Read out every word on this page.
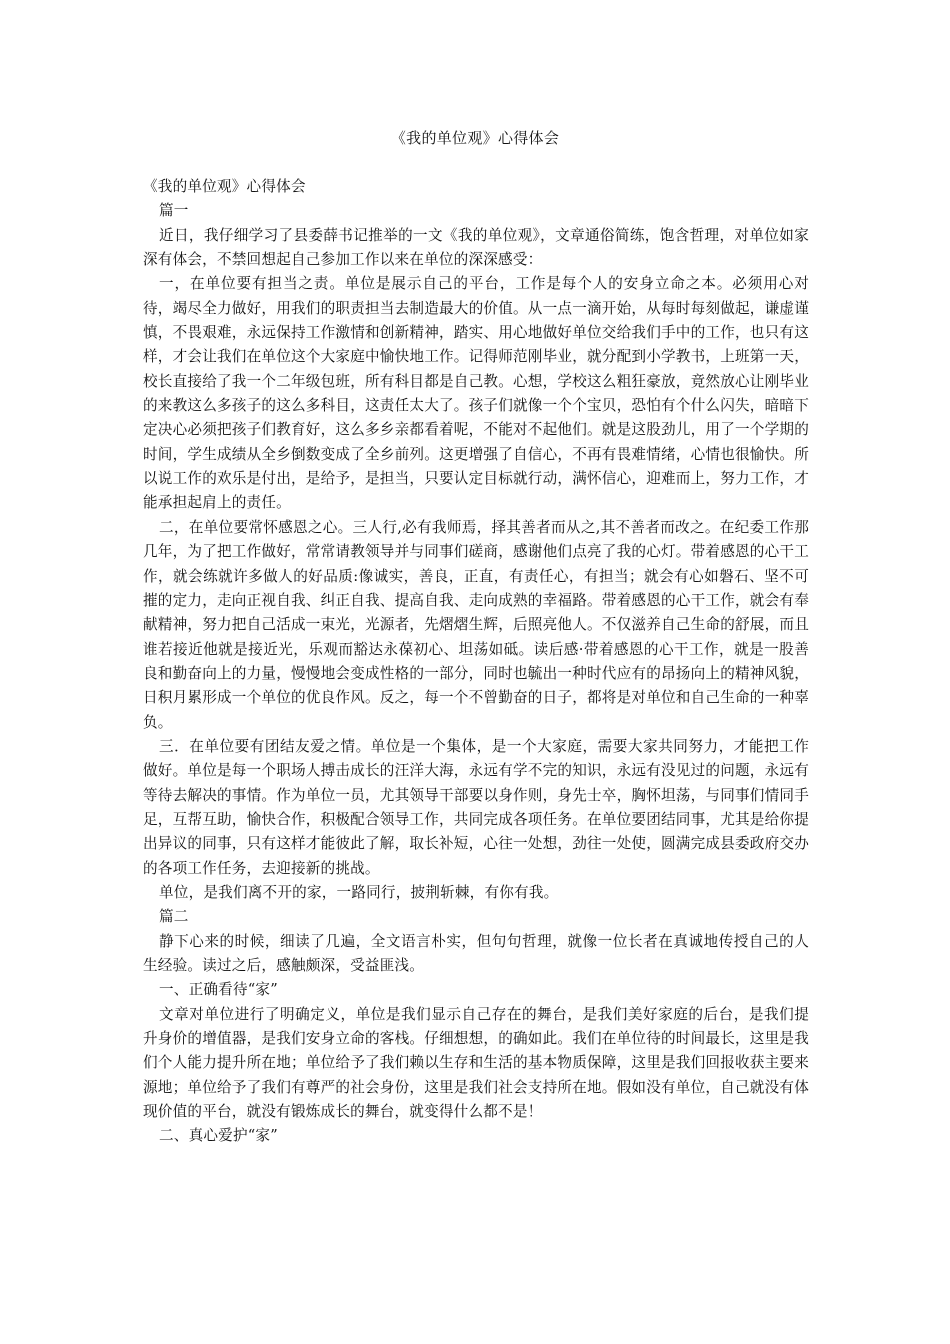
《我的单位观》心得体会

《我的单位观》心得体会

篇一

近日，我仔细学习了县委薛书记推举的一文《我的单位观》，文章通俗简练，饱含哲理，对单位如家深有体会，不禁回想起自己参加工作以来在单位的深深感受：

一，在单位要有担当之责。单位是展示自己的平台，工作是每个人的安身立命之本。必须用心对待，竭尽全力做好，用我们的职责担当去制造最大的价值。从一点一滴开始，从每时每刻做起，谦虚谨慎，不畏艰难，永远保持工作激情和创新精神，踏实、用心地做好单位交给我们手中的工作，也只有这样，才会让我们在单位这个大家庭中愉快地工作。记得师范刚毕业，就分配到小学教书，上班第一天，校长直接给了我一个二年级包班，所有科目都是自己教。心想，学校这么粗狂豪放，竟然放心让刚毕业的来教这么多孩子的这么多科目，这责任太大了。孩子们就像一个个宝贝，恐怕有个什么闪失，暗暗下定决心必须把孩子们教育好，这么多乡亲都看着呢，不能对不起他们。就是这股劲儿，用了一个学期的时间，学生成绩从全乡倒数变成了全乡前列。这更增强了自信心，不再有畏难情绪，心情也很愉快。所以说工作的欢乐是付出，是给予，是担当，只要认定目标就行动，满怀信心，迎难而上，努力工作，才能承担起肩上的责任。

二，在单位要常怀感恩之心。三人行,必有我师焉，择其善者而从之,其不善者而改之。在纪委工作那几年，为了把工作做好，常常请教领导并与同事们磋商，感谢他们点亮了我的心灯。带着感恩的心干工作，就会练就许多做人的好品质:像诚实，善良，正直，有责任心，有担当；就会有心如磐石、坚不可摧的定力，走向正视自我、纠正自我、提高自我、走向成熟的幸福路。带着感恩的心干工作，就会有奉献精神，努力把自己活成一束光，光源者，先熠熠生辉，后照亮他人。不仅滋养自己生命的舒展，而且谁若接近他就是接近光，乐观而豁达永葆初心、坦荡如砥。读后感·带着感恩的心干工作，就是一股善良和勤奋向上的力量，慢慢地会变成性格的一部分，同时也毓出一种时代应有的昂扬向上的精神风貌，日积月累形成一个单位的优良作风。反之，每一个不曾勤奋的日子，都将是对单位和自己生命的一种辜负。

三．在单位要有团结友爱之情。单位是一个集体，是一个大家庭，需要大家共同努力，才能把工作做好。单位是每一个职场人搏击成长的汪洋大海，永远有学不完的知识，永远有没见过的问题，永远有等待去解决的事情。作为单位一员，尤其领导干部要以身作则，身先士卒，胸怀坦荡，与同事们情同手足，互帮互助，愉快合作，积极配合领导工作，共同完成各项任务。在单位要团结同事，尤其是给你提出异议的同事，只有这样才能彼此了解，取长补短，心往一处想，劲往一处使，圆满完成县委政府交办的各项工作任务，去迎接新的挑战。

单位，是我们离不开的家，一路同行，披荆斩棘，有你有我。

篇二

静下心来的时候，细读了几遍，全文语言朴实，但句句哲理，就像一位长者在真诚地传授自己的人生经验。读过之后，感触颇深，受益匪浅。

一、正确看待“家”

文章对单位进行了明确定义，单位是我们显示自己存在的舞台，是我们美好家庭的后台，是我们提升身价的增值器，是我们安身立命的客栈。仔细想想，的确如此。我们在单位待的时间最长，这里是我们个人能力提升所在地；单位给予了我们赖以生存和生活的基本物质保障，这里是我们回报收获主要来源地；单位给予了我们有尊严的社会身份，这里是我们社会支持所在地。假如没有单位，自己就没有体现价值的平台，就没有锻炼成长的舞台，就变得什么都不是！

二、真心爱护“家”
